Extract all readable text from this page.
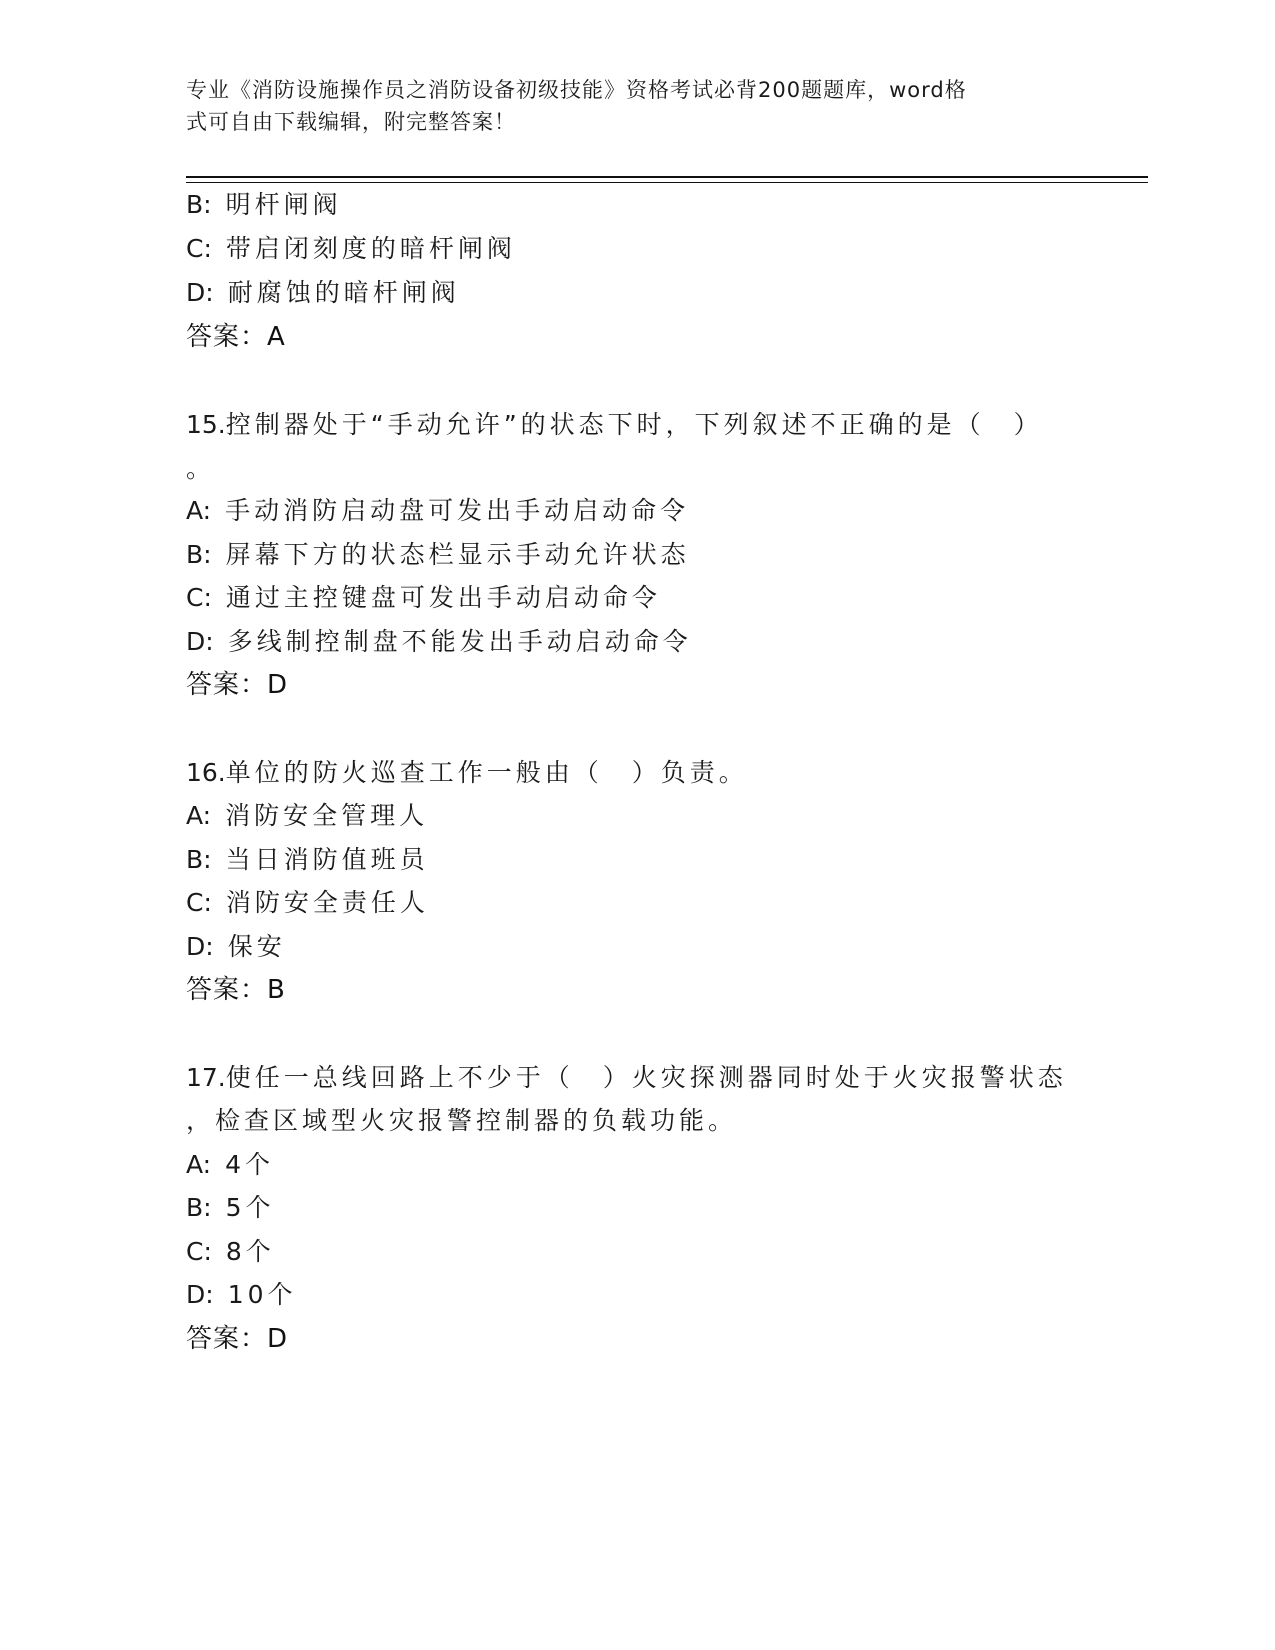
专业《消防设施操作员之消防设备初级技能》资格考试必背200题题库，word格
式可自由下载编辑，附完整答案！
B: 明杆闸阀
C: 带启闭刻度的暗杆闸阀
D: 耐腐蚀的暗杆闸阀
答案：A
15.控制器处于“手动允许”的状态下时，下列叙述不正确的是（　）
。
A: 手动消防启动盘可发出手动启动命令
B: 屏幕下方的状态栏显示手动允许状态
C: 通过主控键盘可发出手动启动命令
D: 多线制控制盘不能发出手动启动命令
答案：D
16.单位的防火巡查工作一般由（　）负责。
A: 消防安全管理人
B: 当日消防值班员
C: 消防安全责任人
D: 保安
答案：B
17.使任一总线回路上不少于（　）火灾探测器同时处于火灾报警状态
，检查区域型火灾报警控制器的负载功能。
A: 4个
B: 5个
C: 8个
D: 10个
答案：D
